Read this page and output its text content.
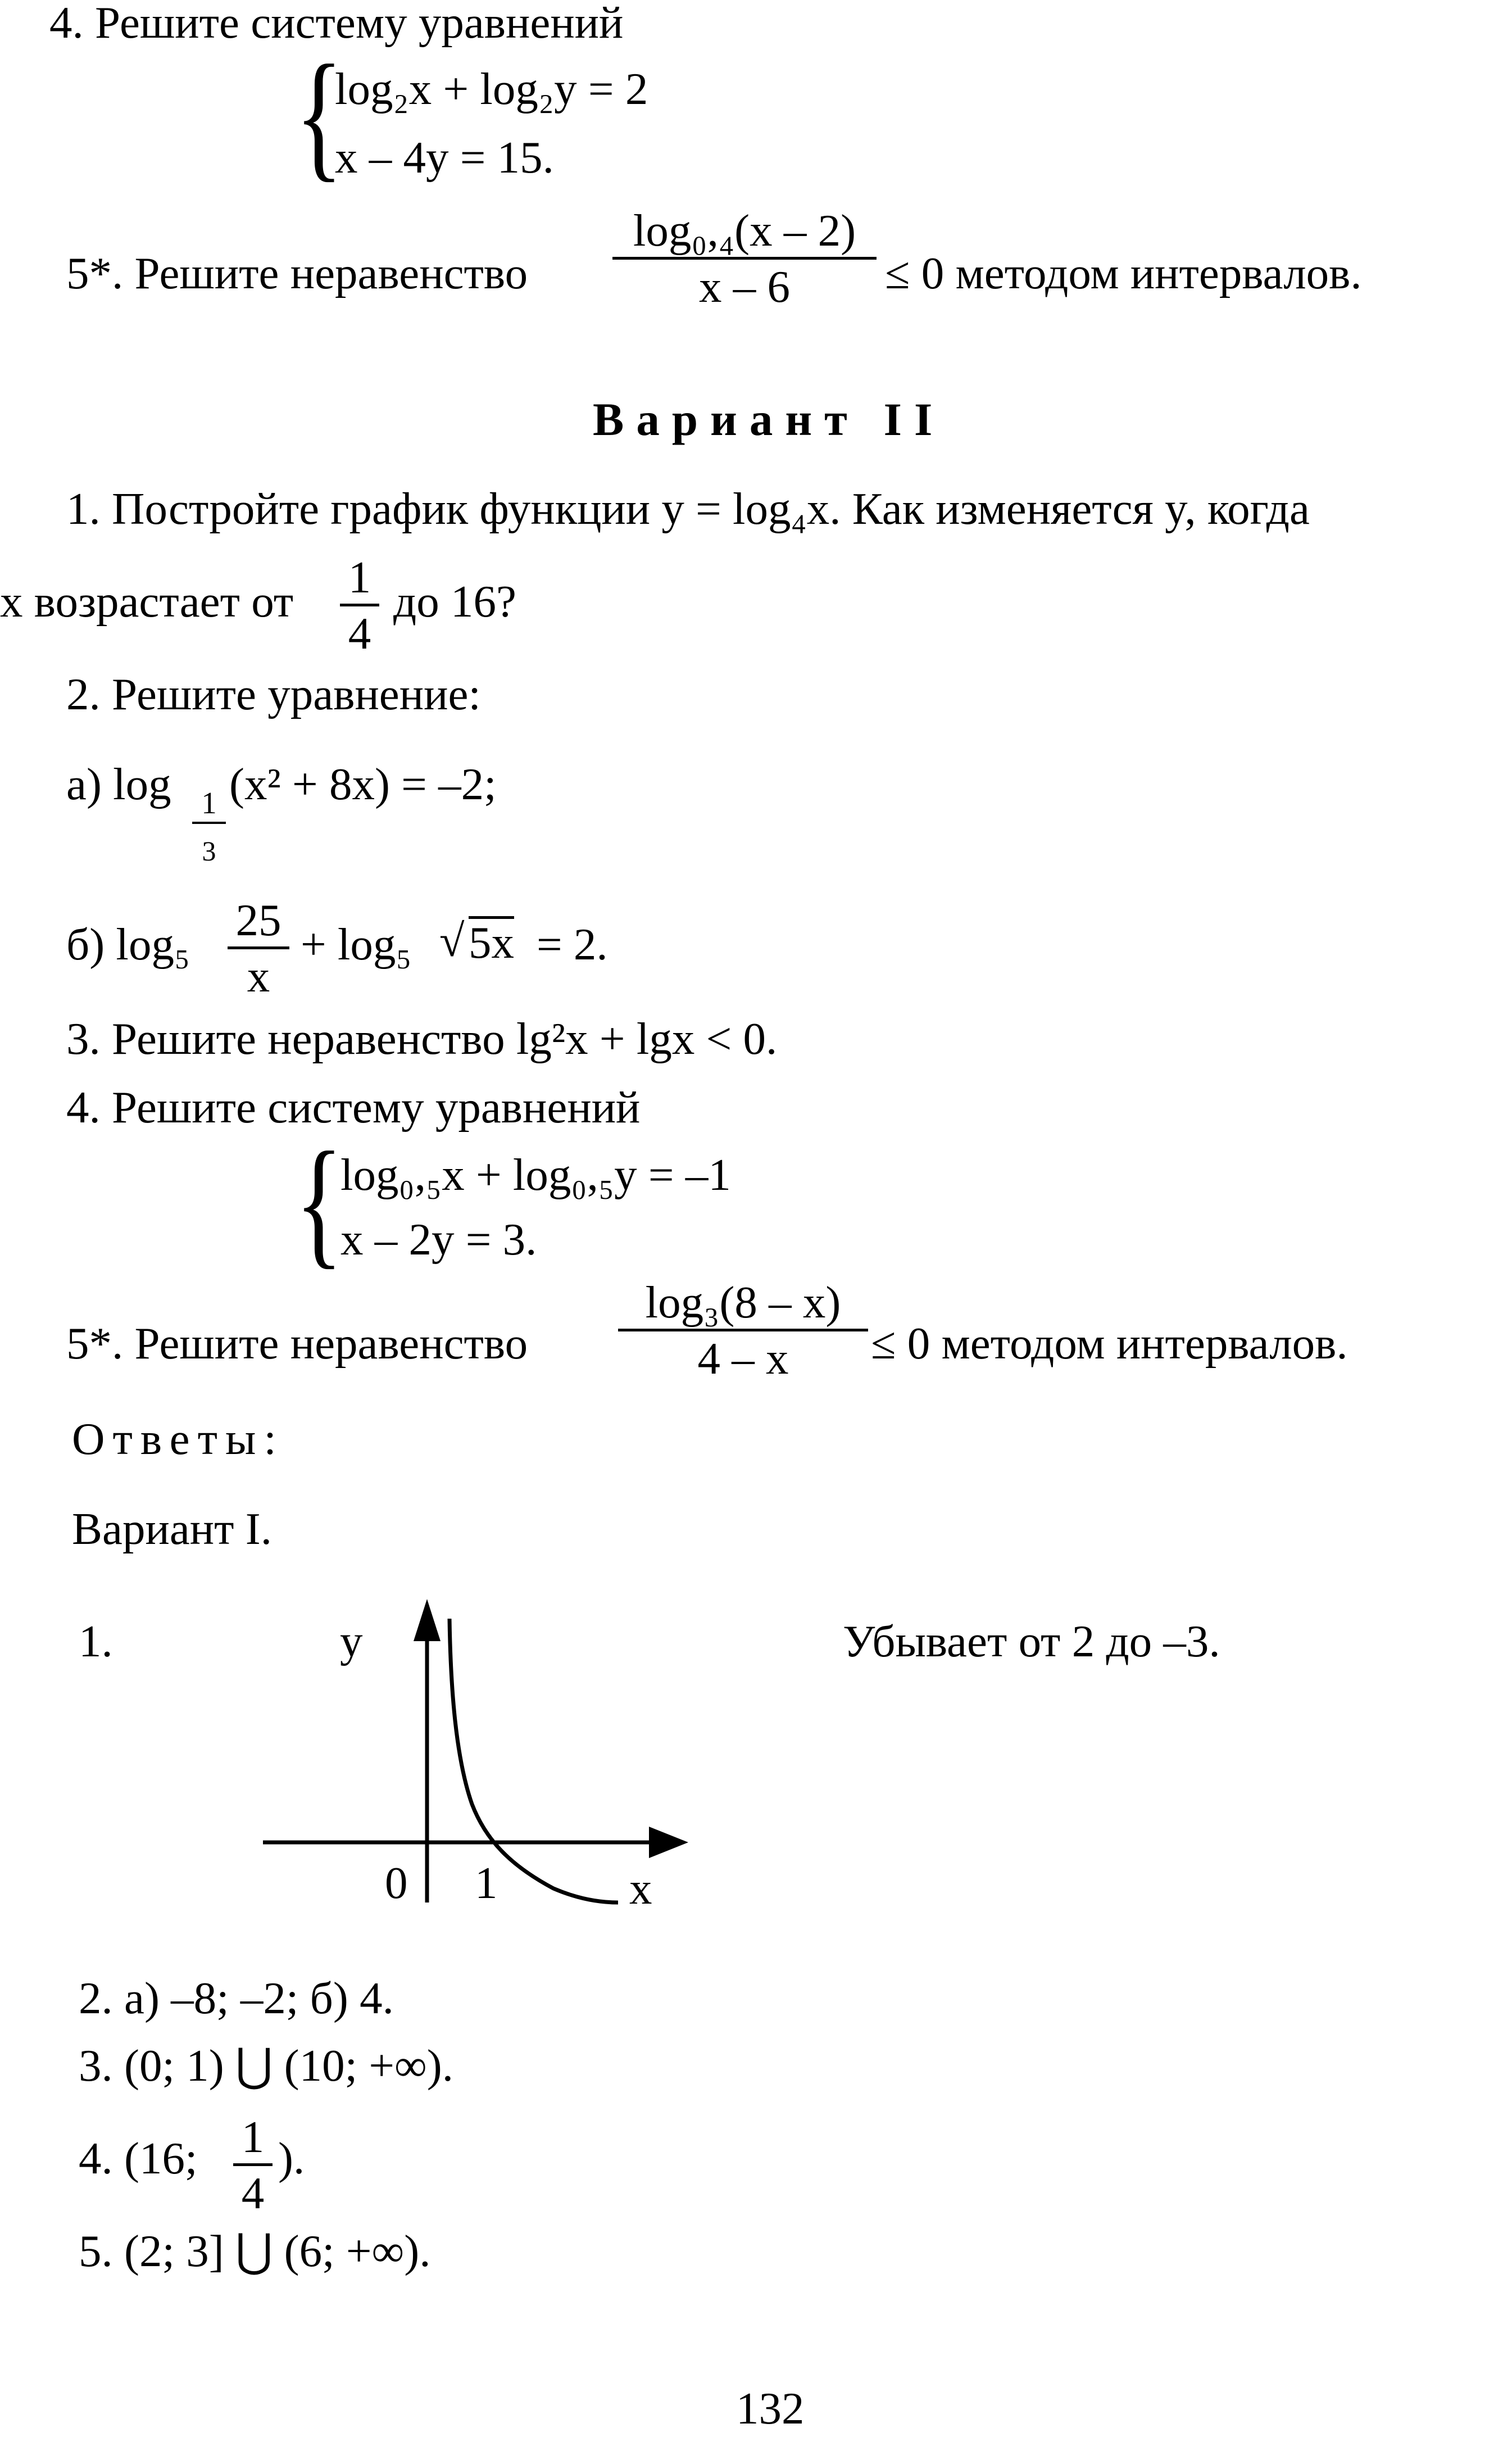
4. Решите систему уравнений
{
log₂x + log₂y = 2
x – 4y = 15.
5*. Решите неравенство
log₀,₄(x – 2)
x – 6	≤ 0 методом интервалов.
Вариант II
1. Постройте график функции y = log₄x. Как изменяется y, когда
x возрастает от 1
4
до 16?
2. Решите уравнение:
а) log 1
3
(x² + 8x) = –2;
б) log₅ 25
x
+ log₅ √ 5x = 2.
3. Решите неравенство lg²x + lgx < 0.
4. Решите систему уравнений
{
log₀,₅x + log₀,₅y = –1
x – 2y = 3.
5*. Решите неравенство
log₃(8 – x)
4 – x	≤ 0 методом интервалов.
Ответы:
Вариант I.
1.	y
0 1	x
Убывает от 2 до –3.
2. а) –8; –2; б) 4.
3. (0; 1) ⋃ (10; +∞).
4. (16; 1
4
).
5. (2; 3] ⋃ (6; +∞).
132
